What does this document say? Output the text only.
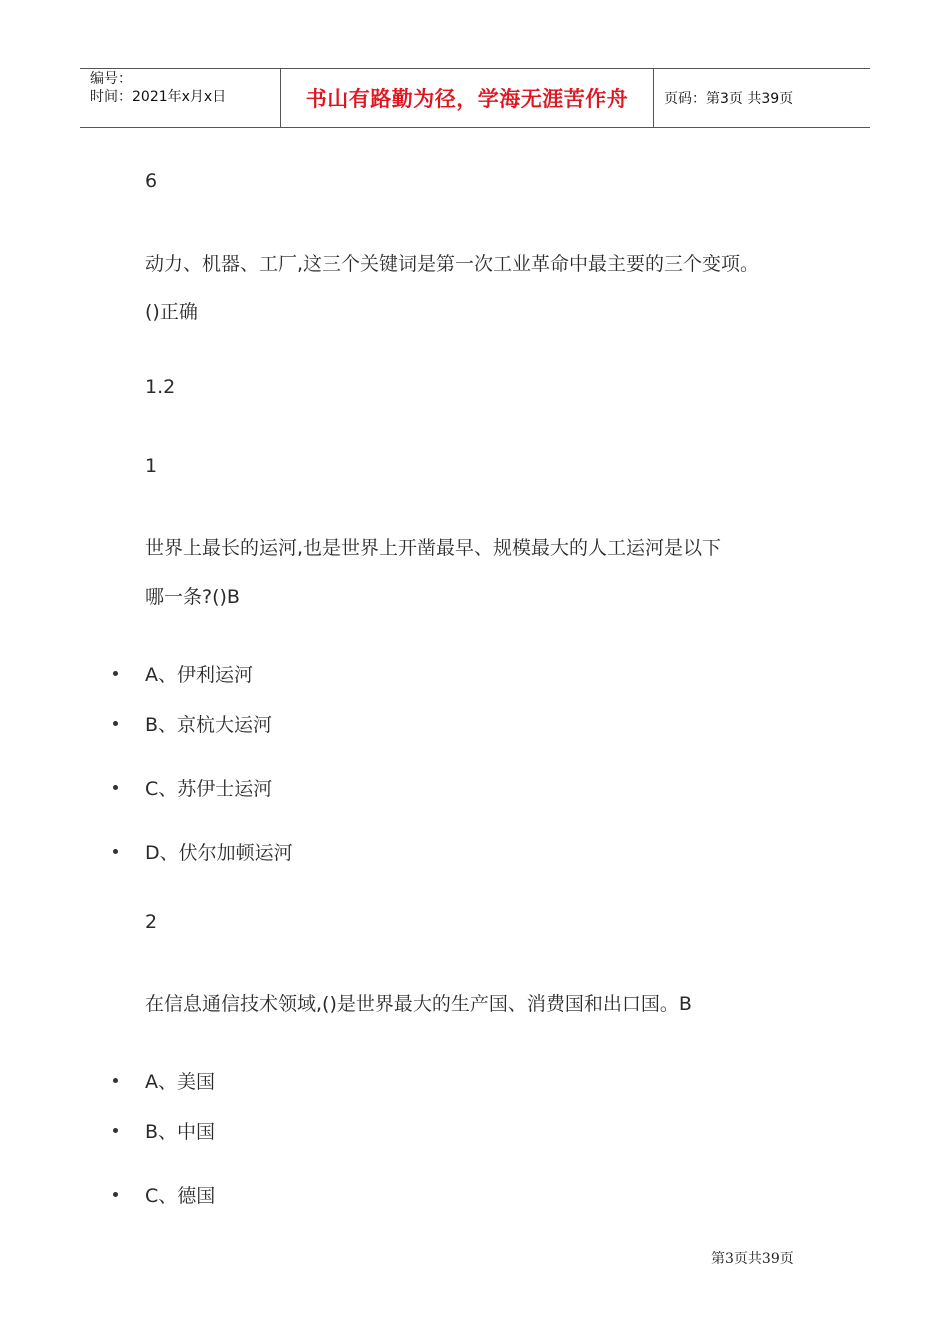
编号：
时间：2021年x月x日	书山有路勤为径，学海无涯苦作舟	页码：第3页 共39页
6
动力、机器、工厂,这三个关键词是第一次工业革命中最主要的三个变项。
()正确
1.2
1
世界上最长的运河,也是世界上开凿最早、规模最大的人工运河是以下
哪一条?()B
A、伊利运河
B、京杭大运河
C、苏伊士运河
D、伏尔加顿运河
2
在信息通信技术领域,()是世界最大的生产国、消费国和出口国。B
A、美国
B、中国
C、德国
第3页共39页
